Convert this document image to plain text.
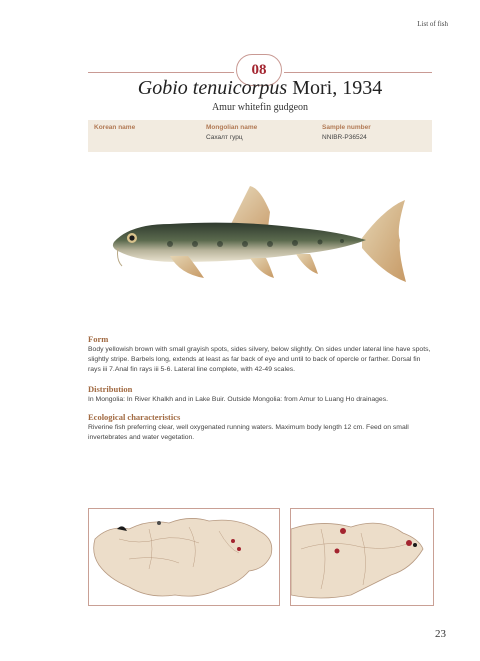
List of fish
08
Gobio tenuicorpus Mori, 1934
Amur whitefin gudgeon
Korean name	Mongolian name
Сахалт гурц
Sample number
NNIBR-P36524
Form
Body yellowish brown with small grayish spots, sides silvery, below slightly. On sides under lateral line have spots, slightly stripe. Barbels long, extends at least as far back of eye and until to back of opercle or farther. Dorsal fin rays iii 7.Anal fin rays iii 5-6. Lateral line complete, with 42-49 scales.
Distribution
In Mongolia: In River Khalkh and in Lake Buir. Outside Mongolia: from Amur to Luang Ho drainages.
Ecological characteristics
Riverine fish preferring clear, well oxygenated running waters. Maximum body length 12 cm. Feed on small invertebrates and water vegetation.
23
